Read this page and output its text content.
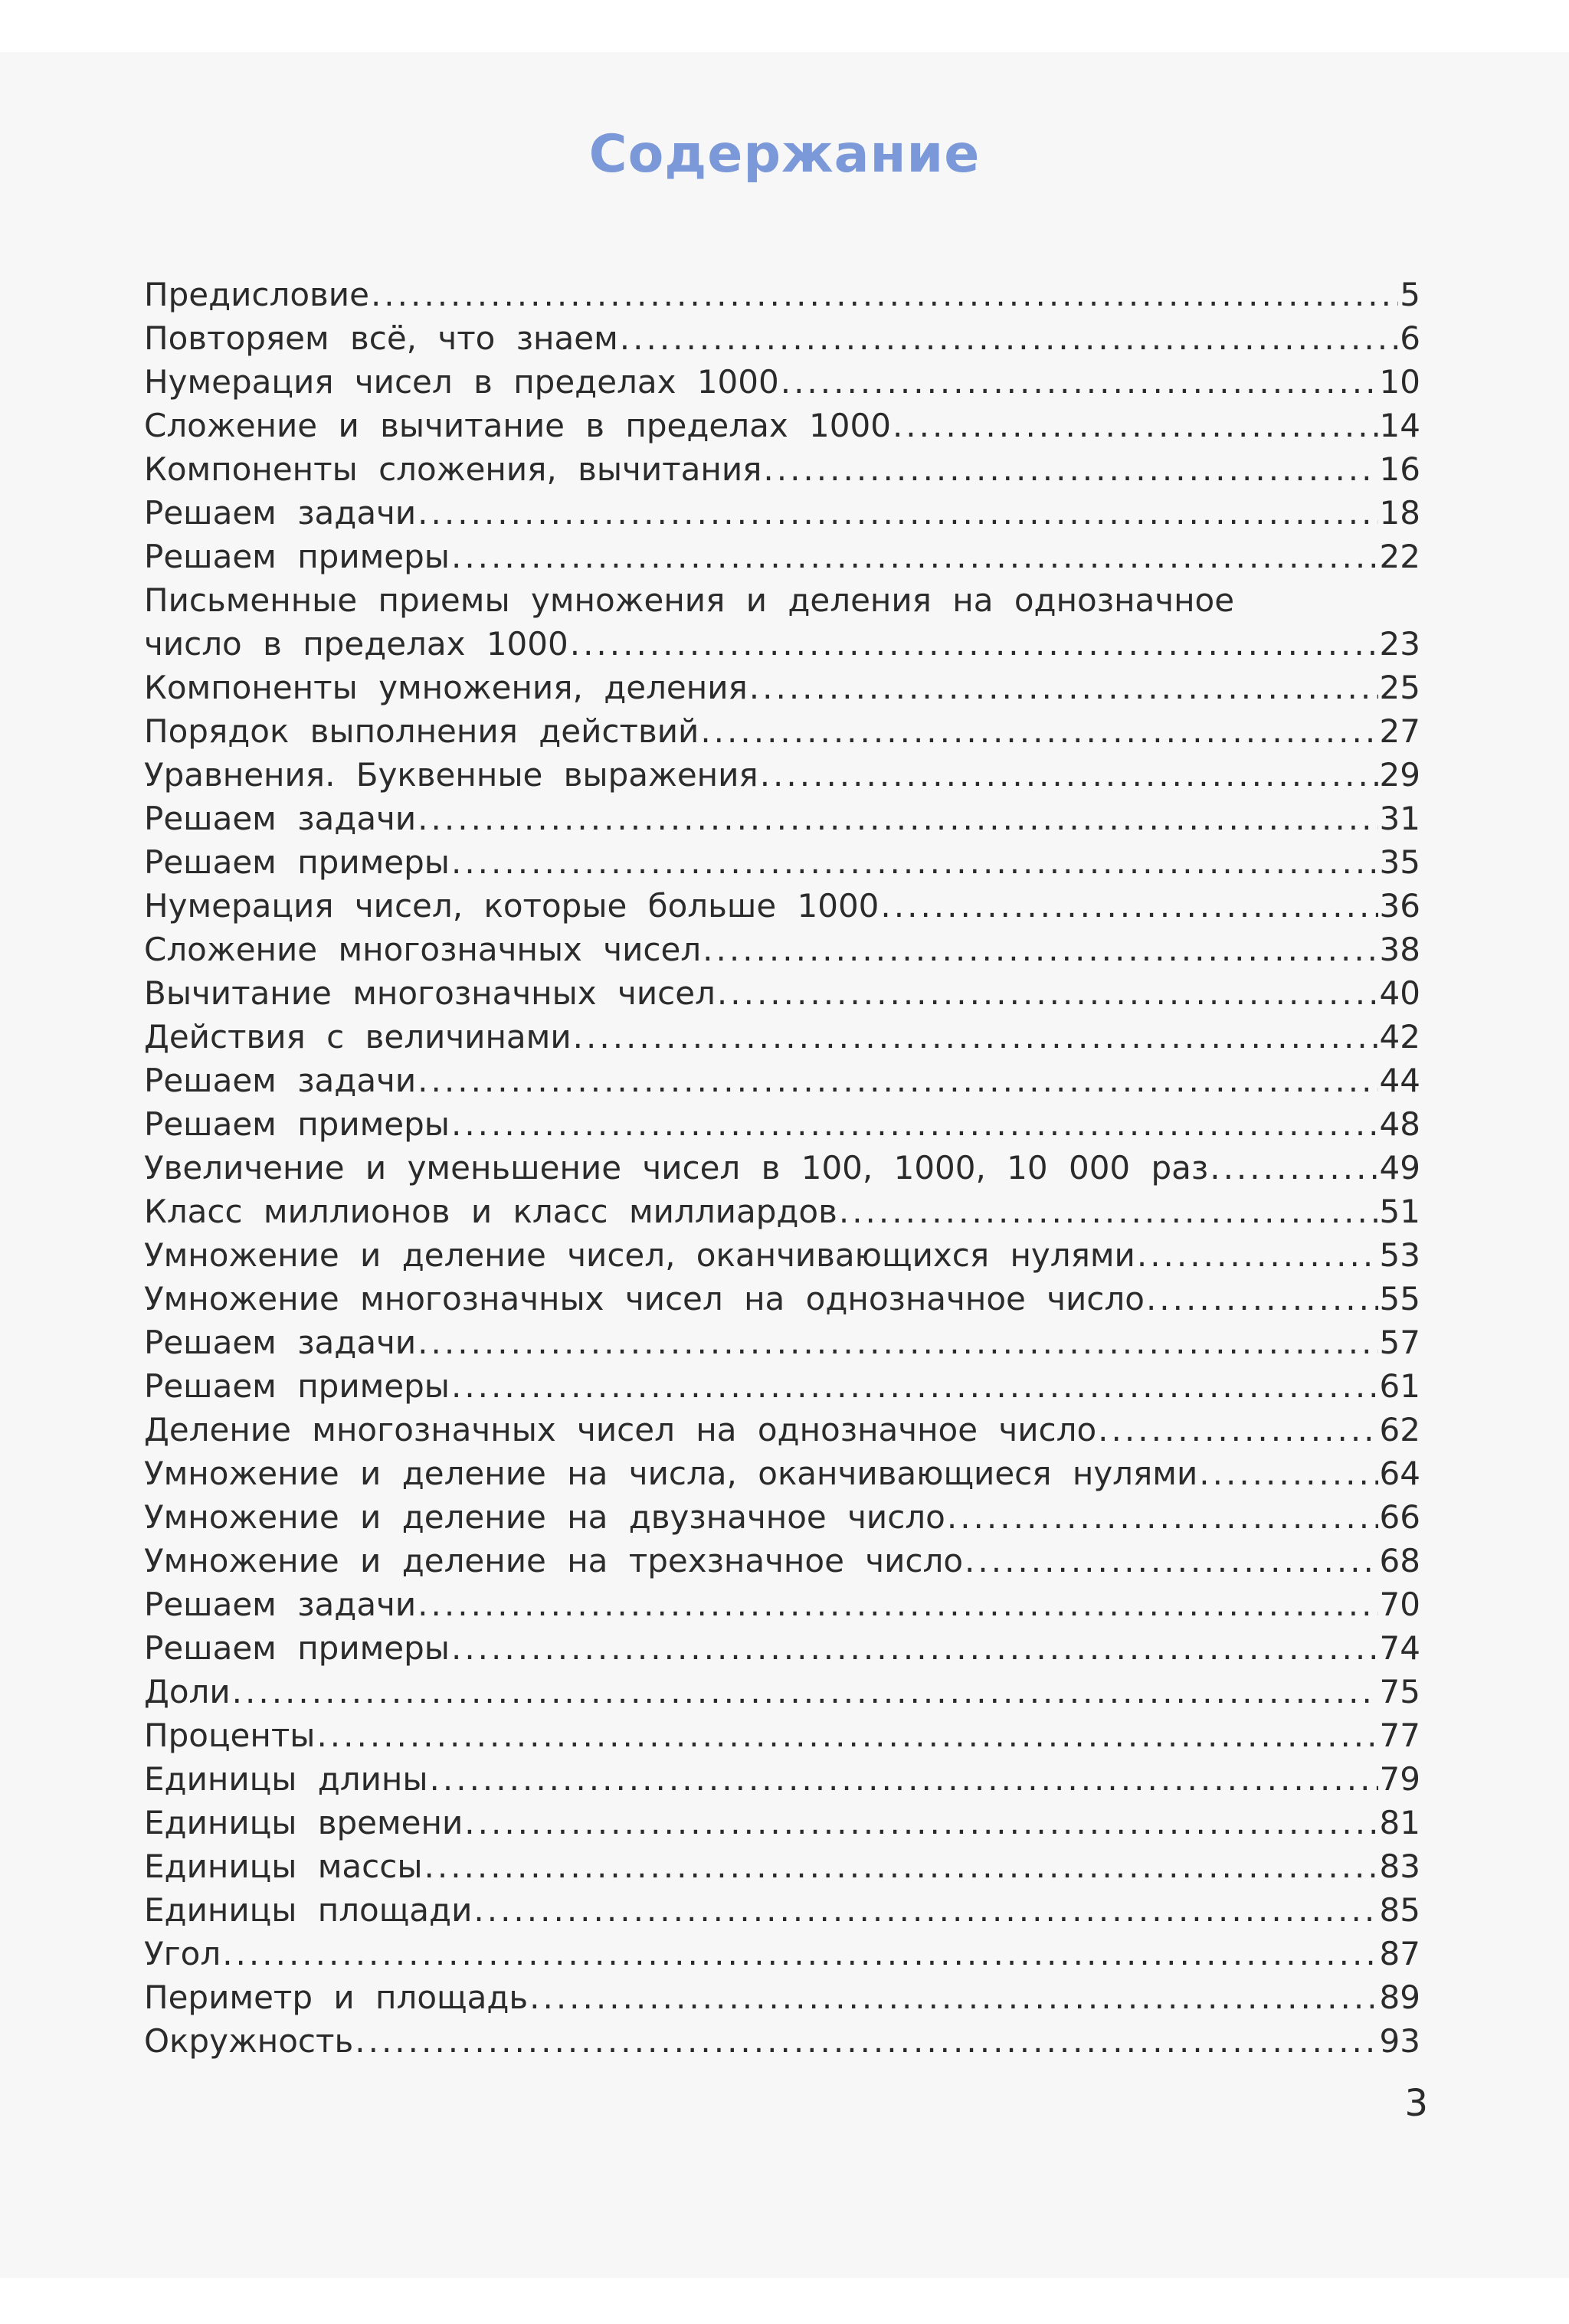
Содержание
Предисловие .....	5
Повторяем всё, что знаем .....	6
Нумерация чисел в пределах 1000 .....	10
Сложение и вычитание в пределах 1000 .....	14
Компоненты сложения, вычитания .....	16
Решаем задачи .....	18
Решаем примеры .....	22
Письменные приемы умножения и деления на однозначное
число в пределах 1000 .....	23
Компоненты умножения, деления .....	25
Порядок выполнения действий .....	27
Уравнения. Буквенные выражения .....	29
Решаем задачи .....	31
Решаем примеры .....	35
Нумерация чисел, которые больше 1000 .....	36
Сложение многозначных чисел .....	38
Вычитание многозначных чисел .....	40
Действия с величинами .....	42
Решаем задачи .....	44
Решаем примеры .....	48
Увеличение и уменьшение чисел в 100, 1000, 10 000 раз .....	49
Класс миллионов и класс миллиардов .....	51
Умножение и деление чисел, оканчивающихся нулями .....	53
Умножение многозначных чисел на однозначное число .....	55
Решаем задачи .....	57
Решаем примеры .....	61
Деление многозначных чисел на однозначное число .....	62
Умножение и деление на числа, оканчивающиеся нулями .....	64
Умножение и деление на двузначное число .....	66
Умножение и деление на трехзначное число .....	68
Решаем задачи .....	70
Решаем примеры .....	74
Доли .....	75
Проценты .....	77
Единицы длины .....	79
Единицы времени .....	81
Единицы массы .....	83
Единицы площади .....	85
Угол .....	87
Периметр и площадь .....	89
Окружность .....	93
3
